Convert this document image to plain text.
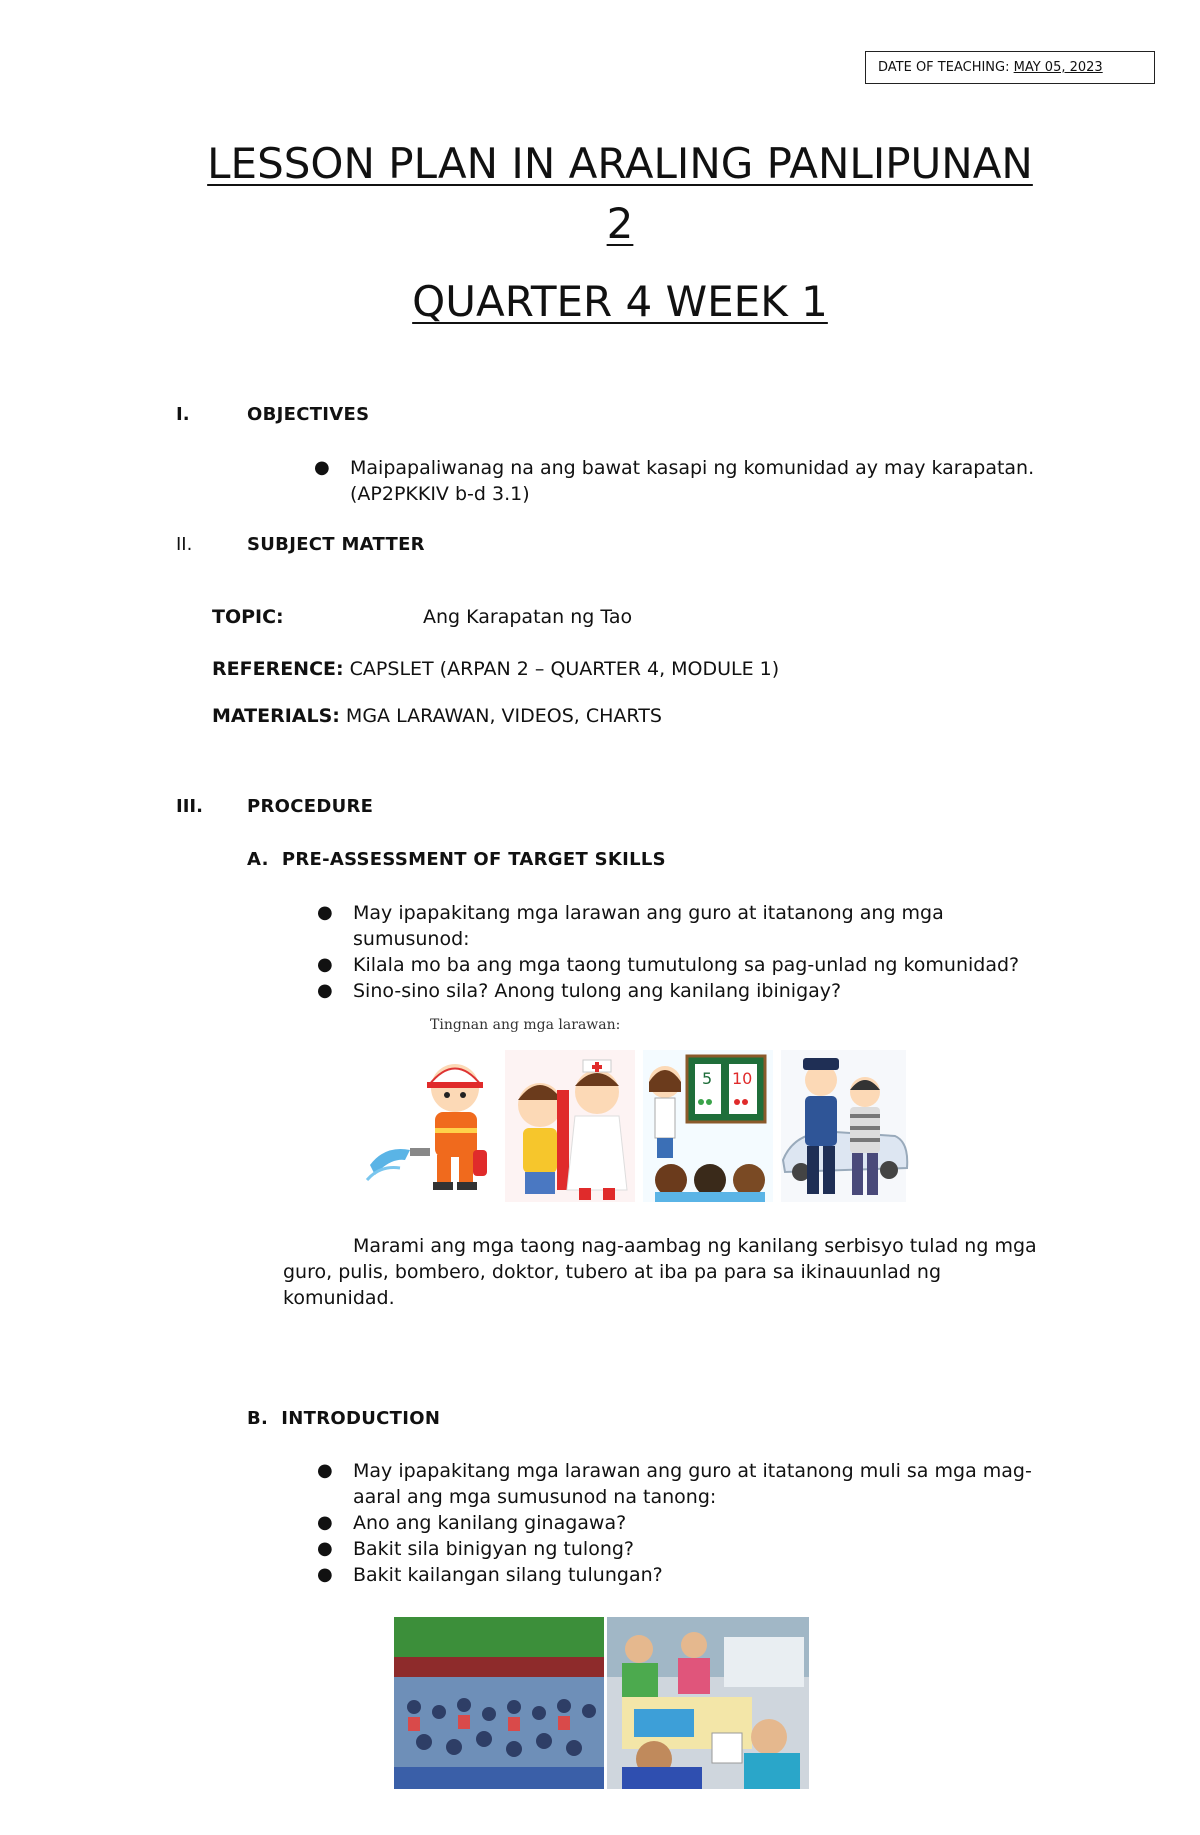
DATE OF TEACHING: MAY 05, 2023
LESSON PLAN IN ARALING PANLIPUNAN
2
QUARTER 4 WEEK 1
I.	OBJECTIVES
● Maipapaliwanag na ang bawat kasapi ng komunidad ay may karapatan.
(AP2PKKIV b-d 3.1)
II.	SUBJECT MATTER
TOPIC:	Ang Karapatan ng Tao
REFERENCE: CAPSLET (ARPAN 2 – QUARTER 4, MODULE 1)
MATERIALS: MGA LARAWAN, VIDEOS, CHARTS
III. PROCEDURE
A.  PRE-ASSESSMENT OF TARGET SKILLS
● May ipapakitang mga larawan ang guro at itatanong ang mga
sumusunod:
● Kilala mo ba ang mga taong tumutulong sa pag-unlad ng komunidad?
● Sino-sino sila? Anong tulong ang kanilang ibinigay?
Tingnan ang mga larawan:
5 10
Marami ang mga taong nag-aambag ng kanilang serbisyo tulad ng mga
guro, pulis, bombero, doktor, tubero at iba pa para sa ikinauunlad ng
komunidad.
B.  INTRODUCTION
● May ipapakitang mga larawan ang guro at itatanong muli sa mga mag-
aaral ang mga sumusunod na tanong:
● Ano ang kanilang ginagawa?
● Bakit sila binigyan ng tulong?
● Bakit kailangan silang tulungan?
